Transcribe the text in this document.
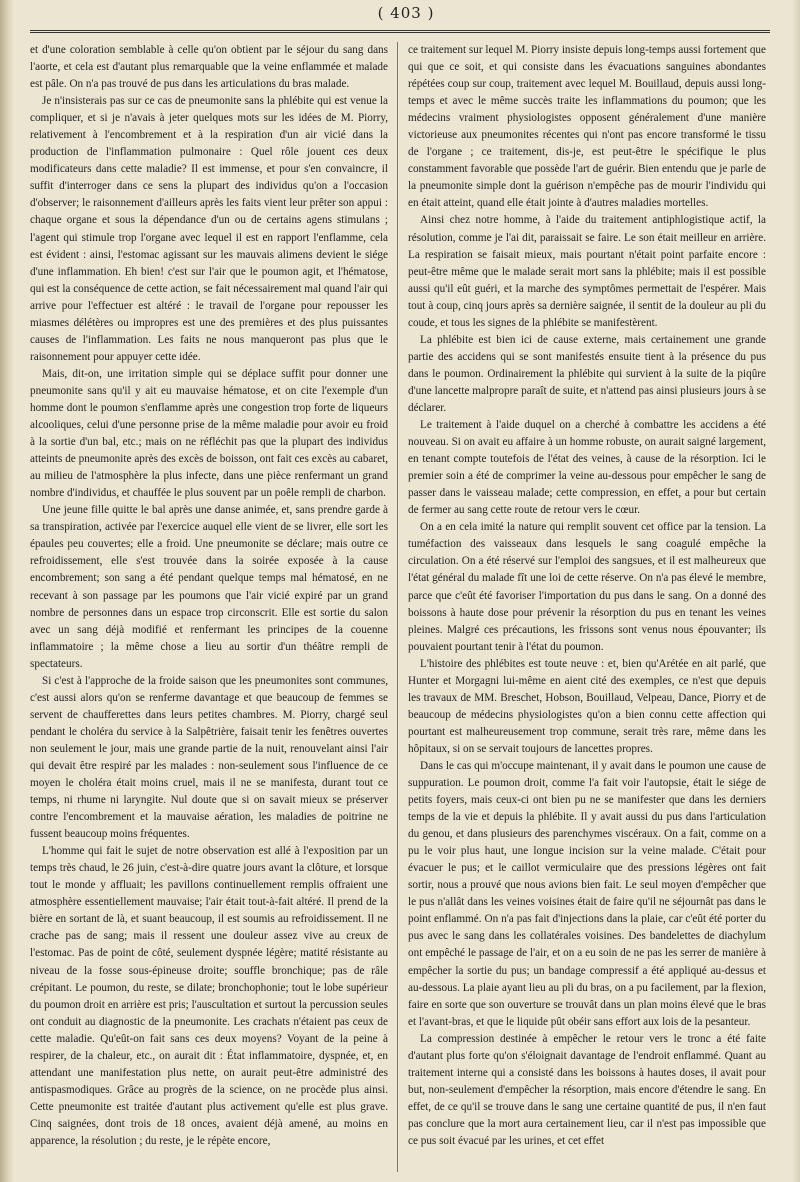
( 403 )

et d'une coloration semblable à celle qu'on obtient par le séjour du sang dans l'aorte, et cela est d'autant plus remarquable que la veine enflammée et malade est pâle. On n'a pas trouvé de pus dans les articulations du bras malade.

Je n'insisterais pas sur ce cas de pneumonite sans la phlébite qui est venue la compliquer, et si je n'avais à jeter quelques mots sur les idées de M. Piorry, relativement à l'encombrement et à la respiration d'un air vicié dans la production de l'inflammation pulmonaire : Quel rôle jouent ces deux modificateurs dans cette maladie? Il est immense, et pour s'en convaincre, il suffit d'interroger dans ce sens la plupart des individus qu'on a l'occasion d'observer; le raisonnement d'ailleurs après les faits vient leur prêter son appui : chaque organe et sous la dépendance d'un ou de certains agens stimulans ; l'agent qui stimule trop l'organe avec lequel il est en rapport l'enflamme, cela est évident : ainsi, l'estomac agissant sur les mauvais alimens devient le siége d'une inflammation. Eh bien! c'est sur l'air que le poumon agit, et l'hématose, qui est la conséquence de cette action, se fait nécessairement mal quand l'air qui arrive pour l'effectuer est altéré : le travail de l'organe pour repousser les miasmes délétères ou impropres est une des premières et des plus puissantes causes de l'inflammation. Les faits ne nous manqueront pas plus que le raisonnement pour appuyer cette idée.

Mais, dit-on, une irritation simple qui se déplace suffit pour donner une pneumonite sans qu'il y ait eu mauvaise hématose, et on cite l'exemple d'un homme dont le poumon s'enflamme après une congestion trop forte de liqueurs alcooliques, celui d'une personne prise de la même maladie pour avoir eu froid à la sortie d'un bal, etc.; mais on ne réfléchit pas que la plupart des individus atteints de pneumonite après des excès de boisson, ont fait ces excès au cabaret, au milieu de l'atmosphère la plus infecte, dans une pièce renfermant un grand nombre d'individus, et chauffée le plus souvent par un poêle rempli de charbon.

Une jeune fille quitte le bal après une danse animée, et, sans prendre garde à sa transpiration, activée par l'exercice auquel elle vient de se livrer, elle sort les épaules peu couvertes; elle a froid. Une pneumonite se déclare; mais outre ce refroidissement, elle s'est trouvée dans la soirée exposée à la cause encombrement; son sang a été pendant quelque temps mal hématosé, en ne recevant à son passage par les poumons que l'air vicié expiré par un grand nombre de personnes dans un espace trop circonscrit. Elle est sortie du salon avec un sang déjà modifié et renfermant les principes de la couenne inflammatoire ; la même chose a lieu au sortir d'un théâtre rempli de spectateurs.

Si c'est à l'approche de la froide saison que les pneumonites sont communes, c'est aussi alors qu'on se renferme davantage et que beaucoup de femmes se servent de chaufferettes dans leurs petites chambres. M. Piorry, chargé seul pendant le choléra du service à la Salpêtrière, faisait tenir les fenêtres ouvertes non seulement le jour, mais une grande partie de la nuit, renouvelant ainsi l'air qui devait être respiré par les malades : non-seulement sous l'influence de ce moyen le choléra était moins cruel, mais il ne se manifesta, durant tout ce temps, ni rhume ni laryngite. Nul doute que si on savait mieux se préserver contre l'encombrement et la mauvaise aération, les maladies de poitrine ne fussent beaucoup moins fréquentes.

L'homme qui fait le sujet de notre observation est allé à l'exposition par un temps très chaud, le 26 juin, c'est-à-dire quatre jours avant la clôture, et lorsque tout le monde y affluait; les pavillons continuellement remplis offraient une atmosphère essentiellement mauvaise; l'air était tout-à-fait altéré. Il prend de la bière en sortant de là, et suant beaucoup, il est soumis au refroidissement. Il ne crache pas de sang; mais il ressent une douleur assez vive au creux de l'estomac. Pas de point de côté, seulement dyspnée légère; matité résistante au niveau de la fosse sous-épineuse droite; souffle bronchique; pas de râle crépitant. Le poumon, du reste, se dilate; bronchophonie; tout le lobe supérieur du poumon droit en arrière est pris; l'auscultation et surtout la percussion seules ont conduit au diagnostic de la pneumonite. Les crachats n'étaient pas ceux de cette maladie. Qu'eût-on fait sans ces deux moyens? Voyant de la peine à respirer, de la chaleur, etc., on aurait dit : État inflammatoire, dyspnée, et, en attendant une manifestation plus nette, on aurait peut-être administré des antispasmodiques. Grâce au progrès de la science, on ne procède plus ainsi. Cette pneumonite est traitée d'autant plus activement qu'elle est plus grave. Cinq saignées, dont trois de 18 onces, avaient déjà amené, au moins en apparence, la résolution ; du reste, je le répète encore,

ce traitement sur lequel M. Piorry insiste depuis long-temps aussi fortement que qui que ce soit, et qui consiste dans les évacuations sanguines abondantes répétées coup sur coup, traitement avec lequel M. Bouillaud, depuis aussi long-temps et avec le même succès traite les inflammations du poumon; que les médecins vraiment physiologistes opposent généralement d'une manière victorieuse aux pneumonites récentes qui n'ont pas encore transformé le tissu de l'organe ; ce traitement, dis-je, est peut-être le spécifique le plus constamment favorable que possède l'art de guérir. Bien entendu que je parle de la pneumonite simple dont la guérison n'empêche pas de mourir l'individu qui en était atteint, quand elle était jointe à d'autres maladies mortelles.

Ainsi chez notre homme, à l'aide du traitement antiphlogistique actif, la résolution, comme je l'ai dit, paraissait se faire. Le son était meilleur en arrière. La respiration se faisait mieux, mais pourtant n'était point parfaite encore : peut-être même que le malade serait mort sans la phlébite; mais il est possible aussi qu'il eût guéri, et la marche des symptômes permettait de l'espérer. Mais tout à coup, cinq jours après sa dernière saignée, il sentit de la douleur au pli du coude, et tous les signes de la phlébite se manifestèrent.

La phlébite est bien ici de cause externe, mais certainement une grande partie des accidens qui se sont manifestés ensuite tient à la présence du pus dans le poumon. Ordinairement la phlébite qui survient à la suite de la piqûre d'une lancette malpropre paraît de suite, et n'attend pas ainsi plusieurs jours à se déclarer.

Le traitement à l'aide duquel on a cherché à combattre les accidens a été nouveau. Si on avait eu affaire à un homme robuste, on aurait saigné largement, en tenant compte toutefois de l'état des veines, à cause de la résorption. Ici le premier soin a été de comprimer la veine au-dessous pour empêcher le sang de passer dans le vaisseau malade; cette compression, en effet, a pour but certain de fermer au sang cette route de retour vers le cœur.

On a en cela imité la nature qui remplit souvent cet office par la tension. La tuméfaction des vaisseaux dans lesquels le sang coagulé empêche la circulation. On a été réservé sur l'emploi des sangsues, et il est malheureux que l'état général du malade fît une loi de cette réserve. On n'a pas élevé le membre, parce que c'eût été favoriser l'importation du pus dans le sang. On a donné des boissons à haute dose pour prévenir la résorption du pus en tenant les veines pleines. Malgré ces précautions, les frissons sont venus nous épouvanter; ils pouvaient pourtant tenir à l'état du poumon.

L'histoire des phlébites est toute neuve : et, bien qu'Arétée en ait parlé, que Hunter et Morgagni lui-même en aient cité des exemples, ce n'est que depuis les travaux de MM. Breschet, Hobson, Bouillaud, Velpeau, Dance, Piorry et de beaucoup de médecins physiologistes qu'on a bien connu cette affection qui pourtant est malheureusement trop commune, serait très rare, même dans les hôpitaux, si on se servait toujours de lancettes propres.

Dans le cas qui m'occupe maintenant, il y avait dans le poumon une cause de suppuration. Le poumon droit, comme l'a fait voir l'autopsie, était le siége de petits foyers, mais ceux-ci ont bien pu ne se manifester que dans les derniers temps de la vie et depuis la phlébite. Il y avait aussi du pus dans l'articulation du genou, et dans plusieurs des parenchymes viscéraux. On a fait, comme on a pu le voir plus haut, une longue incision sur la veine malade. C'était pour évacuer le pus; et le caillot vermiculaire que des pressions légères ont fait sortir, nous a prouvé que nous avions bien fait. Le seul moyen d'empêcher que le pus n'allât dans les veines voisines était de faire qu'il ne séjournât pas dans le point enflammé. On n'a pas fait d'injections dans la plaie, car c'eût été porter du pus avec le sang dans les collatérales voisines. Des bandelettes de diachylum ont empêché le passage de l'air, et on a eu soin de ne pas les serrer de manière à empêcher la sortie du pus; un bandage compressif a été appliqué au-dessus et au-dessous. La plaie ayant lieu au pli du bras, on a pu facilement, par la flexion, faire en sorte que son ouverture se trouvât dans un plan moins élevé que le bras et l'avant-bras, et que le liquide pût obéir sans effort aux lois de la pesanteur.

La compression destinée à empêcher le retour vers le tronc a été faite d'autant plus forte qu'on s'éloignait davantage de l'endroit enflammé. Quant au traitement interne qui a consisté dans les boissons à hautes doses, il avait pour but, non-seulement d'empêcher la résorption, mais encore d'étendre le sang. En effet, de ce qu'il se trouve dans le sang une certaine quantité de pus, il n'en faut pas conclure que la mort aura certainement lieu, car il n'est pas impossible que ce pus soit évacué par les urines, et cet effet
